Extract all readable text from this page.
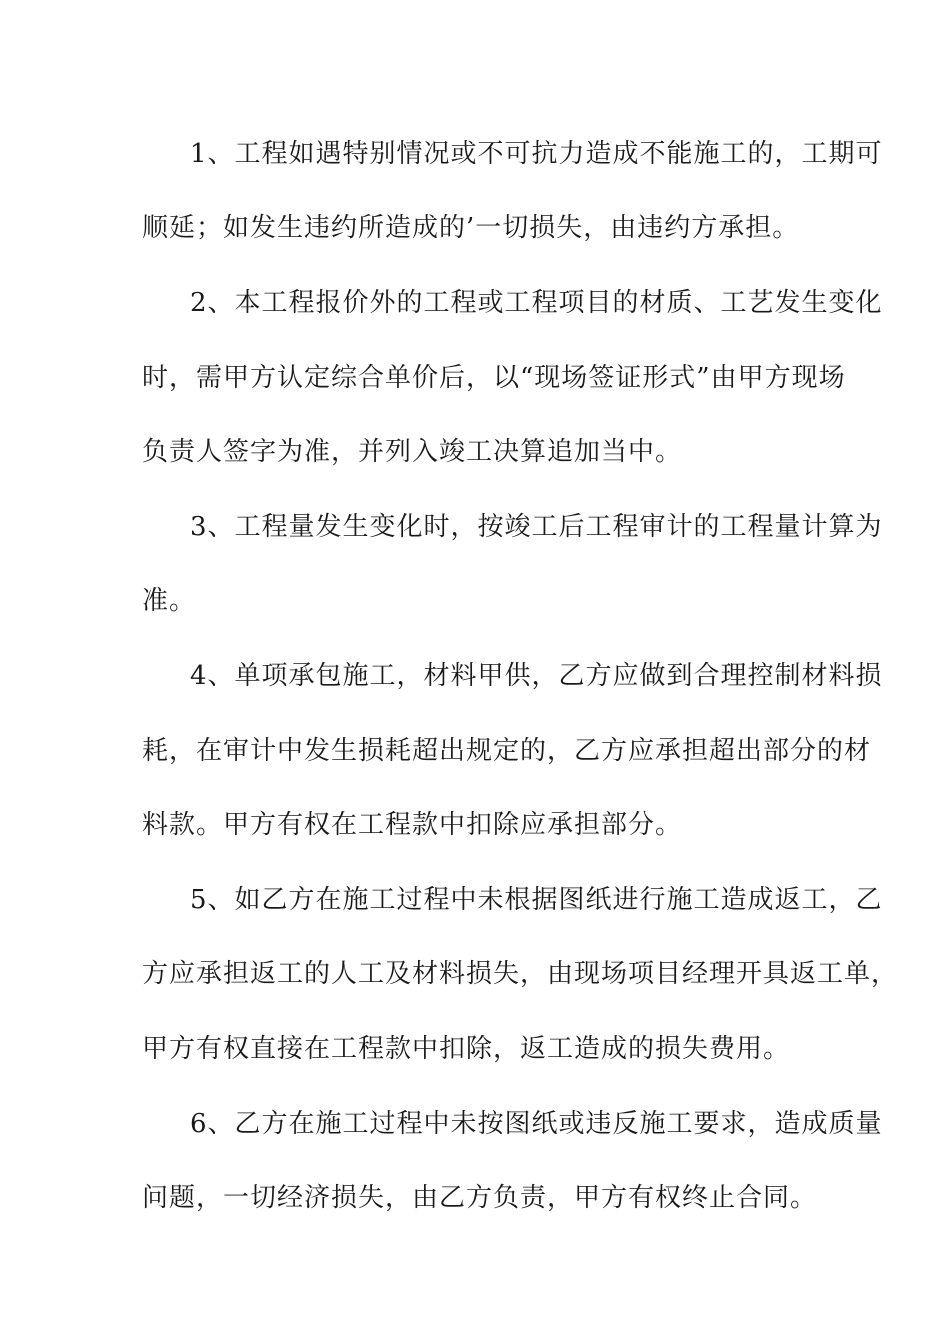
1、工程如遇特别情况或不可抗力造成不能施工的，工期可
顺延；如发生违约所造成的’一切损失，由违约方承担。
2、本工程报价外的工程或工程项目的材质、工艺发生变化
时，需甲方认定综合单价后，以“现场签证形式”由甲方现场
负责人签字为准，并列入竣工决算追加当中。
3、工程量发生变化时，按竣工后工程审计的工程量计算为
准。
4、单项承包施工，材料甲供，乙方应做到合理控制材料损
耗，在审计中发生损耗超出规定的，乙方应承担超出部分的材
料款。甲方有权在工程款中扣除应承担部分。
5、如乙方在施工过程中未根据图纸进行施工造成返工，乙
方应承担返工的人工及材料损失，由现场项目经理开具返工单，
甲方有权直接在工程款中扣除，返工造成的损失费用。
6、乙方在施工过程中未按图纸或违反施工要求，造成质量
问题，一切经济损失，由乙方负责，甲方有权终止合同。
